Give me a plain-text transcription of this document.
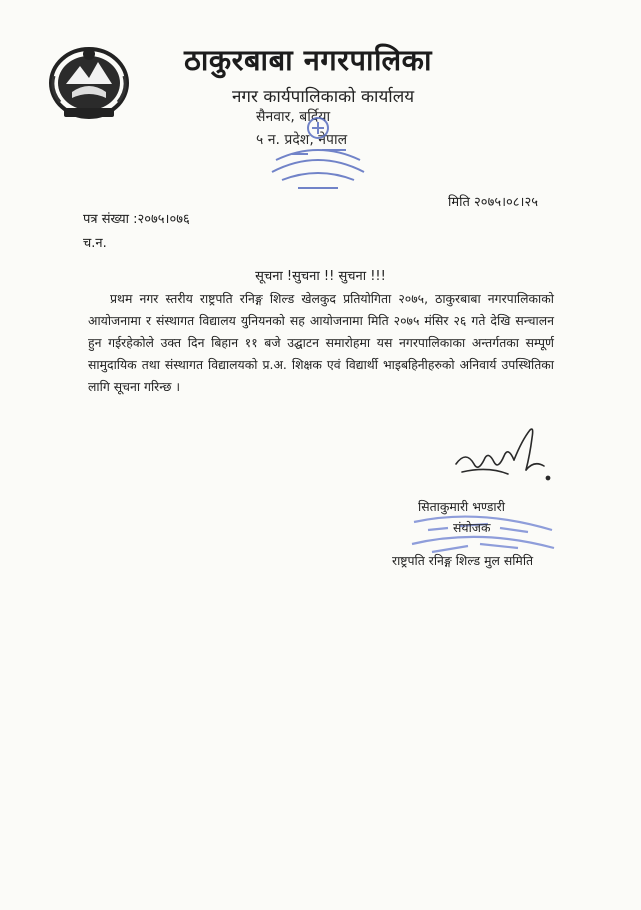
ठाकुरबाबा नगरपालिका
नगर कार्यपालिकाको कार्यालय
सैनवार, बर्दिया
५ न. प्रदेश, नेपाल
मिति २०७५।०८।२५
पत्र संख्या :२०७५।०७६
च.न.
सूचना !सुचना !! सुचना !!!
प्रथम नगर स्तरीय राष्ट्रपति रनिङ्ग शिल्ड खेलकुद प्रतियोगिता २०७५, ठाकुरबाबा नगरपालिकाको आयोजनामा र संस्थागत विद्यालय युनियनको सह आयोजनामा मिति २०७५ मंसिर २६ गते देखि सन्चालन हुन गईरहेकोले उक्त दिन बिहान ११ बजे उद्घाटन समारोहमा यस नगरपालिकाका अन्तर्गतका सम्पूर्ण सामुदायिक तथा संस्थागत विद्यालयको प्र.अ. शिक्षक एवं विद्यार्थी भाइबहिनीहरुको अनिवार्य उपस्थितिका लागि सूचना गरिन्छ ।
सिताकुमारी भण्डारी
संयोजक
राष्ट्रपति रनिङ्ग शिल्ड मुल समिति
